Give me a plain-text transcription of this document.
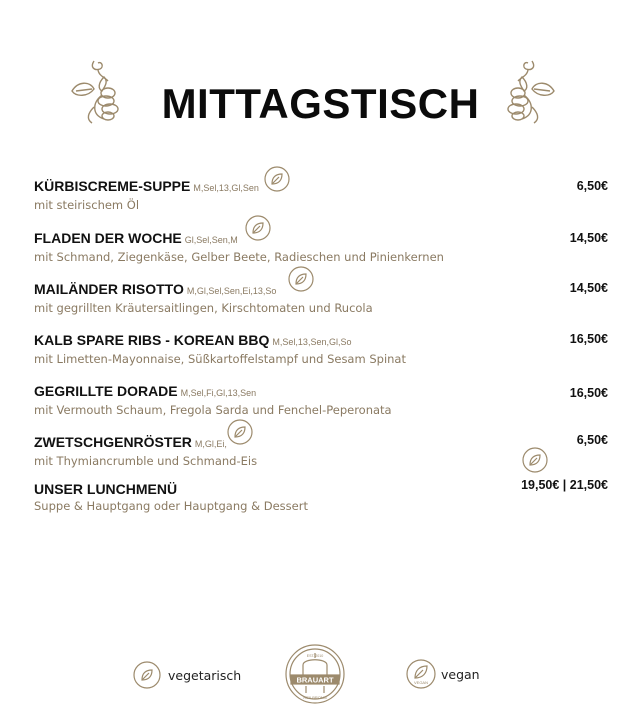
MITTAGSTISCH
KÜRBISCREME-SUPPE M,Sel,13,Gl,Sen
mit steirischem Öl
6,50€
FLADEN DER WOCHE Gl,Sel,Sen,M
mit Schmand, Ziegenkäse, Gelber Beete, Radieschen und Pinienkernen
14,50€
MAILÄNDER RISOTTO M,Gl,Sel,Sen,Ei,13,So
mit gegrillten Kräutersaitlingen, Kirschtomaten und Rucola
14,50€
KALB SPARE RIBS - KOREAN BBQ M,Sel,13,Sen,Gl,So
mit Limetten-Mayonnaise, Süßkartoffelstampf und Sesam Spinat
16,50€
GEGRILLTE DORADE M,Sel,Fi,Gl,13,Sen
mit Vermouth Schaum, Fregola Sarda und Fenchel-Peperonata
16,50€
ZWETSCHGENRÖSTER M,Gl,Ei,
mit Thymiancrumble und Schmand-Eis
6,50€
UNSER LUNCHMENÜ
Suppe & Hauptgang oder Hauptgang & Dessert
19,50€ | 21,50€
vegetarisch	BRAUART
EST. 2010
HEILBRONN
VEGAN
vegan
